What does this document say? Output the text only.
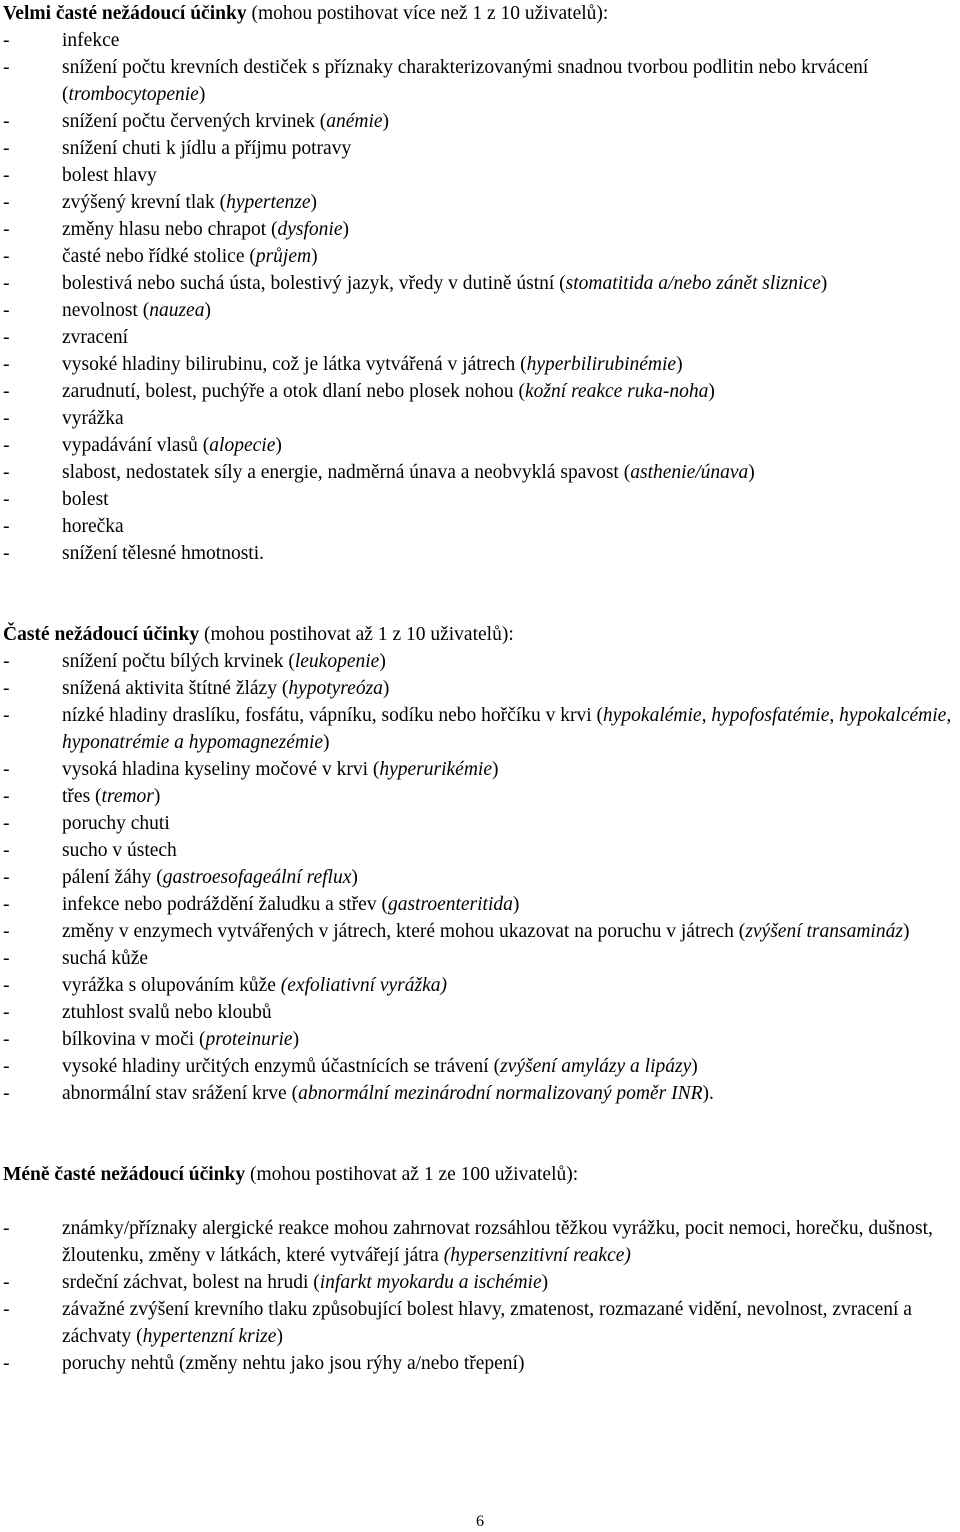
Velmi časté nežádoucí účinky (mohou postihovat více než 1 z 10 uživatelů):

- infekce
- snížení počtu krevních destiček s příznaky charakterizovanými snadnou tvorbou podlitin nebo krvácení (trombocytopenie)
- snížení počtu červených krvinek (anémie)
- snížení chuti k jídlu a příjmu potravy
- bolest hlavy
- zvýšený krevní tlak (hypertenze)
- změny hlasu nebo chrapot (dysfonie)
- časté nebo řídké stolice (průjem)
- bolestivá nebo suchá ústa, bolestivý jazyk, vředy v dutině ústní (stomatitida a/nebo zánět sliznice)
- nevolnost (nauzea)
- zvracení
- vysoké hladiny bilirubinu, což je látka vytvářená v játrech (hyperbilirubinémie)
- zarudnutí, bolest, puchýře a otok dlaní nebo plosek nohou (kožní reakce ruka-noha)
- vyrážka
- vypadávání vlasů (alopecie)
- slabost, nedostatek síly a energie, nadměrná únava a neobvyklá spavost (asthenie/únava)
- bolest
- horečka
- snížení tělesné hmotnosti.

Časté nežádoucí účinky (mohou postihovat až 1 z 10 uživatelů):

- snížení počtu bílých krvinek (leukopenie)
- snížená aktivita štítné žlázy (hypotyreóza)
- nízké hladiny draslíku, fosfátu, vápníku, sodíku nebo hořčíku v krvi (hypokalémie, hypofosfatémie, hypokalcémie, hyponatrémie a hypomagnezémie)
- vysoká hladina kyseliny močové v krvi (hyperurikémie)
- třes (tremor)
- poruchy chuti
- sucho v ústech
- pálení žáhy (gastroesofageální reflux)
- infekce nebo podráždění žaludku a střev (gastroenteritida)
- změny v enzymech vytvářených v játrech, které mohou ukazovat na poruchu v játrech (zvýšení transamináz)
- suchá kůže
- vyrážka s olupováním kůže (exfoliativní vyrážka)
- ztuhlost svalů nebo kloubů
- bílkovina v moči (proteinurie)
- vysoké hladiny určitých enzymů účastnících se trávení (zvýšení amylázy a lipázy)
- abnormální stav srážení krve (abnormální mezinárodní normalizovaný poměr INR).

Méně časté nežádoucí účinky (mohou postihovat až 1 ze 100 uživatelů):

- známky/příznaky alergické reakce mohou zahrnovat rozsáhlou těžkou vyrážku, pocit nemoci, horečku, dušnost, žloutenku, změny v látkách, které vytvářejí játra (hypersenzitivní reakce)
- srdeční záchvat, bolest na hrudi (infarkt myokardu a ischémie)
- závažné zvýšení krevního tlaku způsobující bolest hlavy, zmatenost, rozmazané vidění, nevolnost, zvracení a záchvaty (hypertenzní krize)
- poruchy nehtů (změny nehtu jako jsou rýhy a/nebo třepení)
6
